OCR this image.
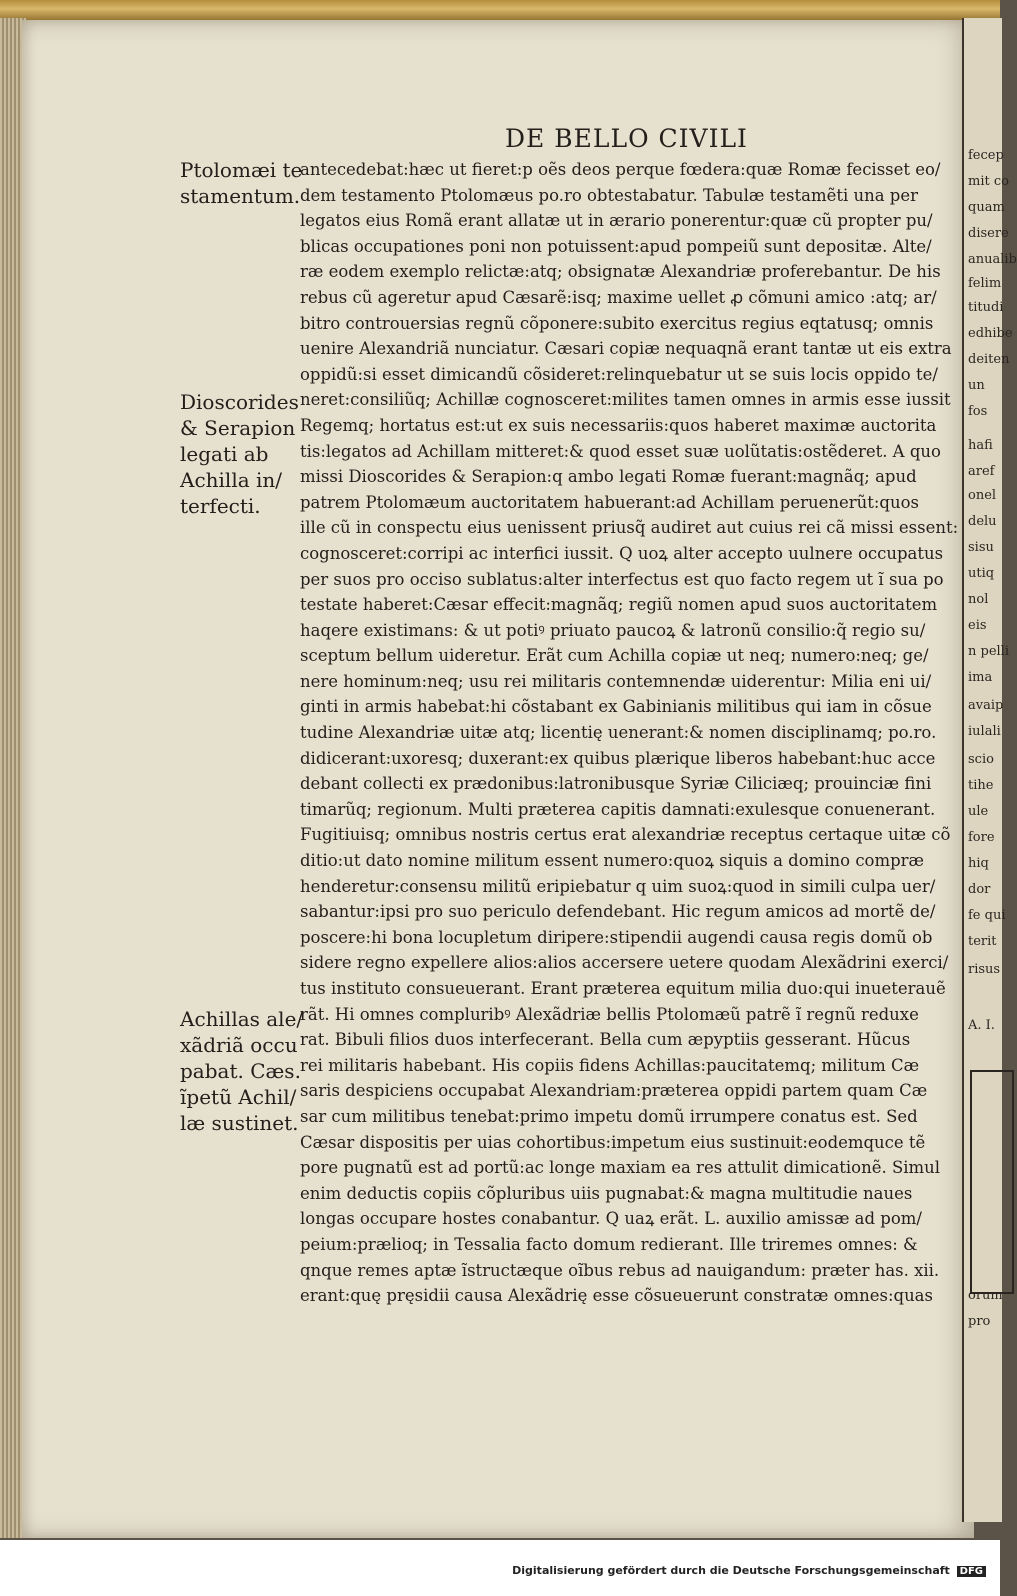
fecep
mit co
quam
disere
anualib
felim
titudi
edhibe
deiten
un
fos
hafi
aref
onel
delu
sisu
utiq
nol
eis
n pelli
ima
avaip
iulali
scio
tihe
ule
fore
hiq
dor
fe qui
terit
risus
A. I.
orum
pro
DE BELLO CIVILI
antecedebat:hæc ut fieret:p oẽs deos perque fœdera:quæ Romæ fecisset eo/
dem testamento Ptolomæus po.ro obtestabatur. Tabulæ testamẽti una per
legatos eius Romã erant allatæ ut in ærario ponerentur:quæ cũ propter pu/
blicas occupationes poni non potuissent:apud pompeiũ sunt depositæ. Alte/
ræ eodem exemplo relictæ:atq; obsignatæ Alexandriæ proferebantur. De his
rebus cũ ageretur apud Cæsarẽ:isq; maxime uellet ꝓ cõmuni amico :atq; ar/
bitro controuersias regnũ cõponere:subito exercitus regius eqtatusq; omnis
uenire Alexandriã nunciatur. Cæsari copiæ nequaqnã erant tantæ ut eis extra
oppidũ:si esset dimicandũ cõsideret:relinquebatur ut se suis locis oppido te/
neret:consiliũq; Achillæ cognosceret:milites tamen omnes in armis esse iussit
Regemq; hortatus est:ut ex suis necessariis:quos haberet maximæ auctorita
tis:legatos ad Achillam mitteret:& quod esset suæ uolũtatis:ostẽderet. A quo
missi Dioscorides & Serapion:q ambo legati Romæ fuerant:magnãq; apud
patrem Ptolomæum auctoritatem habuerant:ad Achillam peruenerũt:quos
ille cũ in conspectu eius uenissent priusq̃ audiret aut cuius rei cã missi essent:
cognosceret:corripi ac interfici iussit. Q uoꝝ alter accepto uulnere occupatus
per suos pro occiso sublatus:alter interfectus est quo facto regem ut ĩ sua po
testate haberet:Cæsar effecit:magnãq; regiũ nomen apud suos auctoritatem
haqere existimans: & ut potiꝰ priuato paucoꝝ & latronũ consilio:q̃ regio su/
sceptum bellum uideretur. Erãt cum Achilla copiæ ut neq; numero:neq; ge/
nere hominum:neq; usu rei militaris contemnendæ uiderentur: Milia eni ui/
ginti in armis habebat:hi cõstabant ex Gabinianis militibus qui iam in cõsue
tudine Alexandriæ uitæ atq; licentię uenerant:& nomen disciplinamq; po.ro.
didicerant:uxoresq; duxerant:ex quibus plærique liberos habebant:huc acce
debant collecti ex prædonibus:latronibusque Syriæ Ciliciæq; prouinciæ fini
timarũq; regionum. Multi præterea capitis damnati:exulesque conuenerant.
Fugitiuisq; omnibus nostris certus erat alexandriæ receptus certaque uitæ cõ
ditio:ut dato nomine militum essent numero:quoꝝ siquis a domino compræ
henderetur:consensu militũ eripiebatur q uim suoꝝ:quod in simili culpa uer/
sabantur:ipsi pro suo periculo defendebant. Hic regum amicos ad mortẽ de/
poscere:hi bona locupletum diripere:stipendii augendi causa regis domũ ob
sidere regno expellere alios:alios accersere uetere quodam Alexãdrini exerci/
tus instituto consueuerant. Erant præterea equitum milia duo:qui inueterauẽ
rãt. Hi omnes compluribꝰ Alexãdriæ bellis Ptolomæũ patrẽ ĩ regnũ reduxe
rat. Bibuli filios duos interfecerant. Bella cum æpyptiis gesserant. Hũcus
rei militaris habebant. His copiis fidens Achillas:paucitatemq; militum Cæ
saris despiciens occupabat Alexandriam:præterea oppidi partem quam Cæ
sar cum militibus tenebat:primo impetu domũ irrumpere conatus est. Sed
Cæsar dispositis per uias cohortibus:impetum eius sustinuit:eodemquce tẽ
pore pugnatũ est ad portũ:ac longe maxiam ea res attulit dimicationẽ. Simul
enim deductis copiis cõpluribus uiis pugnabat:& magna multitudie naues
longas occupare hostes conabantur. Q uaꝝ erãt. L. auxilio amissæ ad pom/
peium:prælioq; in Tessalia facto domum redierant. Ille triremes omnes: &
qnque remes aptæ ĩstructæque oĩbus rebus ad nauigandum: præter has. xii.
erant:quę pręsidii causa Alexãdrię esse cõsueuerunt constratæ omnes:quas
Ptolomæi te
stamentum.
Dioscorides
& Serapion
legati ab
Achilla in/
terfecti.
Achillas ale/
xãdriã occu
pabat. Cæs.
ĩpetũ Achil/
læ sustinet.
Digitalisierung gefördert durch die Deutsche Forschungsgemeinschaft DFG
